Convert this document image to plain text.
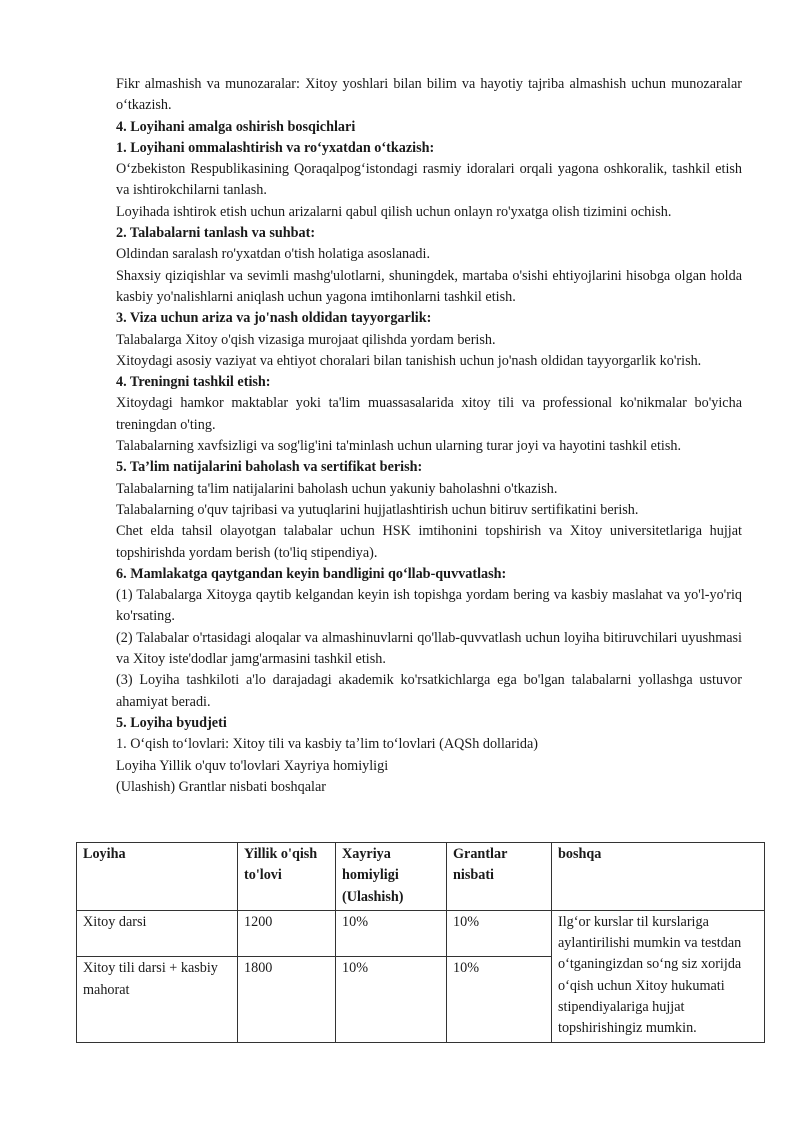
Fikr almashish va munozaralar: Xitoy yoshlari bilan bilim va hayotiy tajriba almashish uchun munozaralar oʻtkazish.

4. Loyihani amalga oshirish bosqichlari

1. Loyihani ommalashtirish va roʻyxatdan oʻtkazish:

Oʻzbekiston Respublikasining Qoraqalpogʻistondagi rasmiy idoralari orqali yagona oshkoralik, tashkil etish va ishtirokchilarni tanlash.

Loyihada ishtirok etish uchun arizalarni qabul qilish uchun onlayn ro'yxatga olish tizimini ochish.

2. Talabalarni tanlash va suhbat:

Oldindan saralash ro'yxatdan o'tish holatiga asoslanadi.

Shaxsiy qiziqishlar va sevimli mashg'ulotlarni, shuningdek, martaba o'sishi ehtiyojlarini hisobga olgan holda kasbiy yo'nalishlarni aniqlash uchun yagona imtihonlarni tashkil etish.

3. Viza uchun ariza va jo'nash oldidan tayyorgarlik:

Talabalarga Xitoy o'qish vizasiga murojaat qilishda yordam berish.

Xitoydagi asosiy vaziyat va ehtiyot choralari bilan tanishish uchun jo'nash oldidan tayyorgarlik ko'rish.

4. Treningni tashkil etish:

Xitoydagi hamkor maktablar yoki ta'lim muassasalarida xitoy tili va professional ko'nikmalar bo'yicha treningdan o'ting.

Talabalarning xavfsizligi va sog'lig'ini ta'minlash uchun ularning turar joyi va hayotini tashkil etish.

5. Ta’lim natijalarini baholash va sertifikat berish:

Talabalarning ta'lim natijalarini baholash uchun yakuniy baholashni o'tkazish.

Talabalarning o'quv tajribasi va yutuqlarini hujjatlashtirish uchun bitiruv sertifikatini berish.

Chet elda tahsil olayotgan talabalar uchun HSK imtihonini topshirish va Xitoy universitetlariga hujjat topshirishda yordam berish (to'liq stipendiya).

6. Mamlakatga qaytgandan keyin bandligini qoʻllab-quvvatlash:

(1) Talabalarga Xitoyga qaytib kelgandan keyin ish topishga yordam bering va kasbiy maslahat va yo'l-yo'riq ko'rsating.

(2) Talabalar o'rtasidagi aloqalar va almashinuvlarni qo'llab-quvvatlash uchun loyiha bitiruvchilari uyushmasi va Xitoy iste'dodlar jamg'armasini tashkil etish.

(3) Loyiha tashkiloti a'lo darajadagi akademik ko'rsatkichlarga ega bo'lgan talabalarni yollashga ustuvor ahamiyat beradi.

5. Loyiha byudjeti

1. Oʻqish toʻlovlari: Xitoy tili va kasbiy taʼlim toʻlovlari (AQSh dollarida)

Loyiha Yillik o'quv to'lovlari Xayriya homiyligi

(Ulashish) Grantlar nisbati boshqalar

Loyiha	Yillik o'qish to'lovi	Xayriya homiyligi (Ulashish)	Grantlar nisbati	boshqa
Xitoy darsi	1200	10%	10%	Ilgʻor kurslar til kurslariga aylantirilishi mumkin va testdan oʻtganingizdan soʻng siz xorijda oʻqish uchun Xitoy hukumati stipendiyalariga hujjat topshirishingiz mumkin.
Xitoy tili darsi + kasbiy mahorat	1800	10%	10%	
